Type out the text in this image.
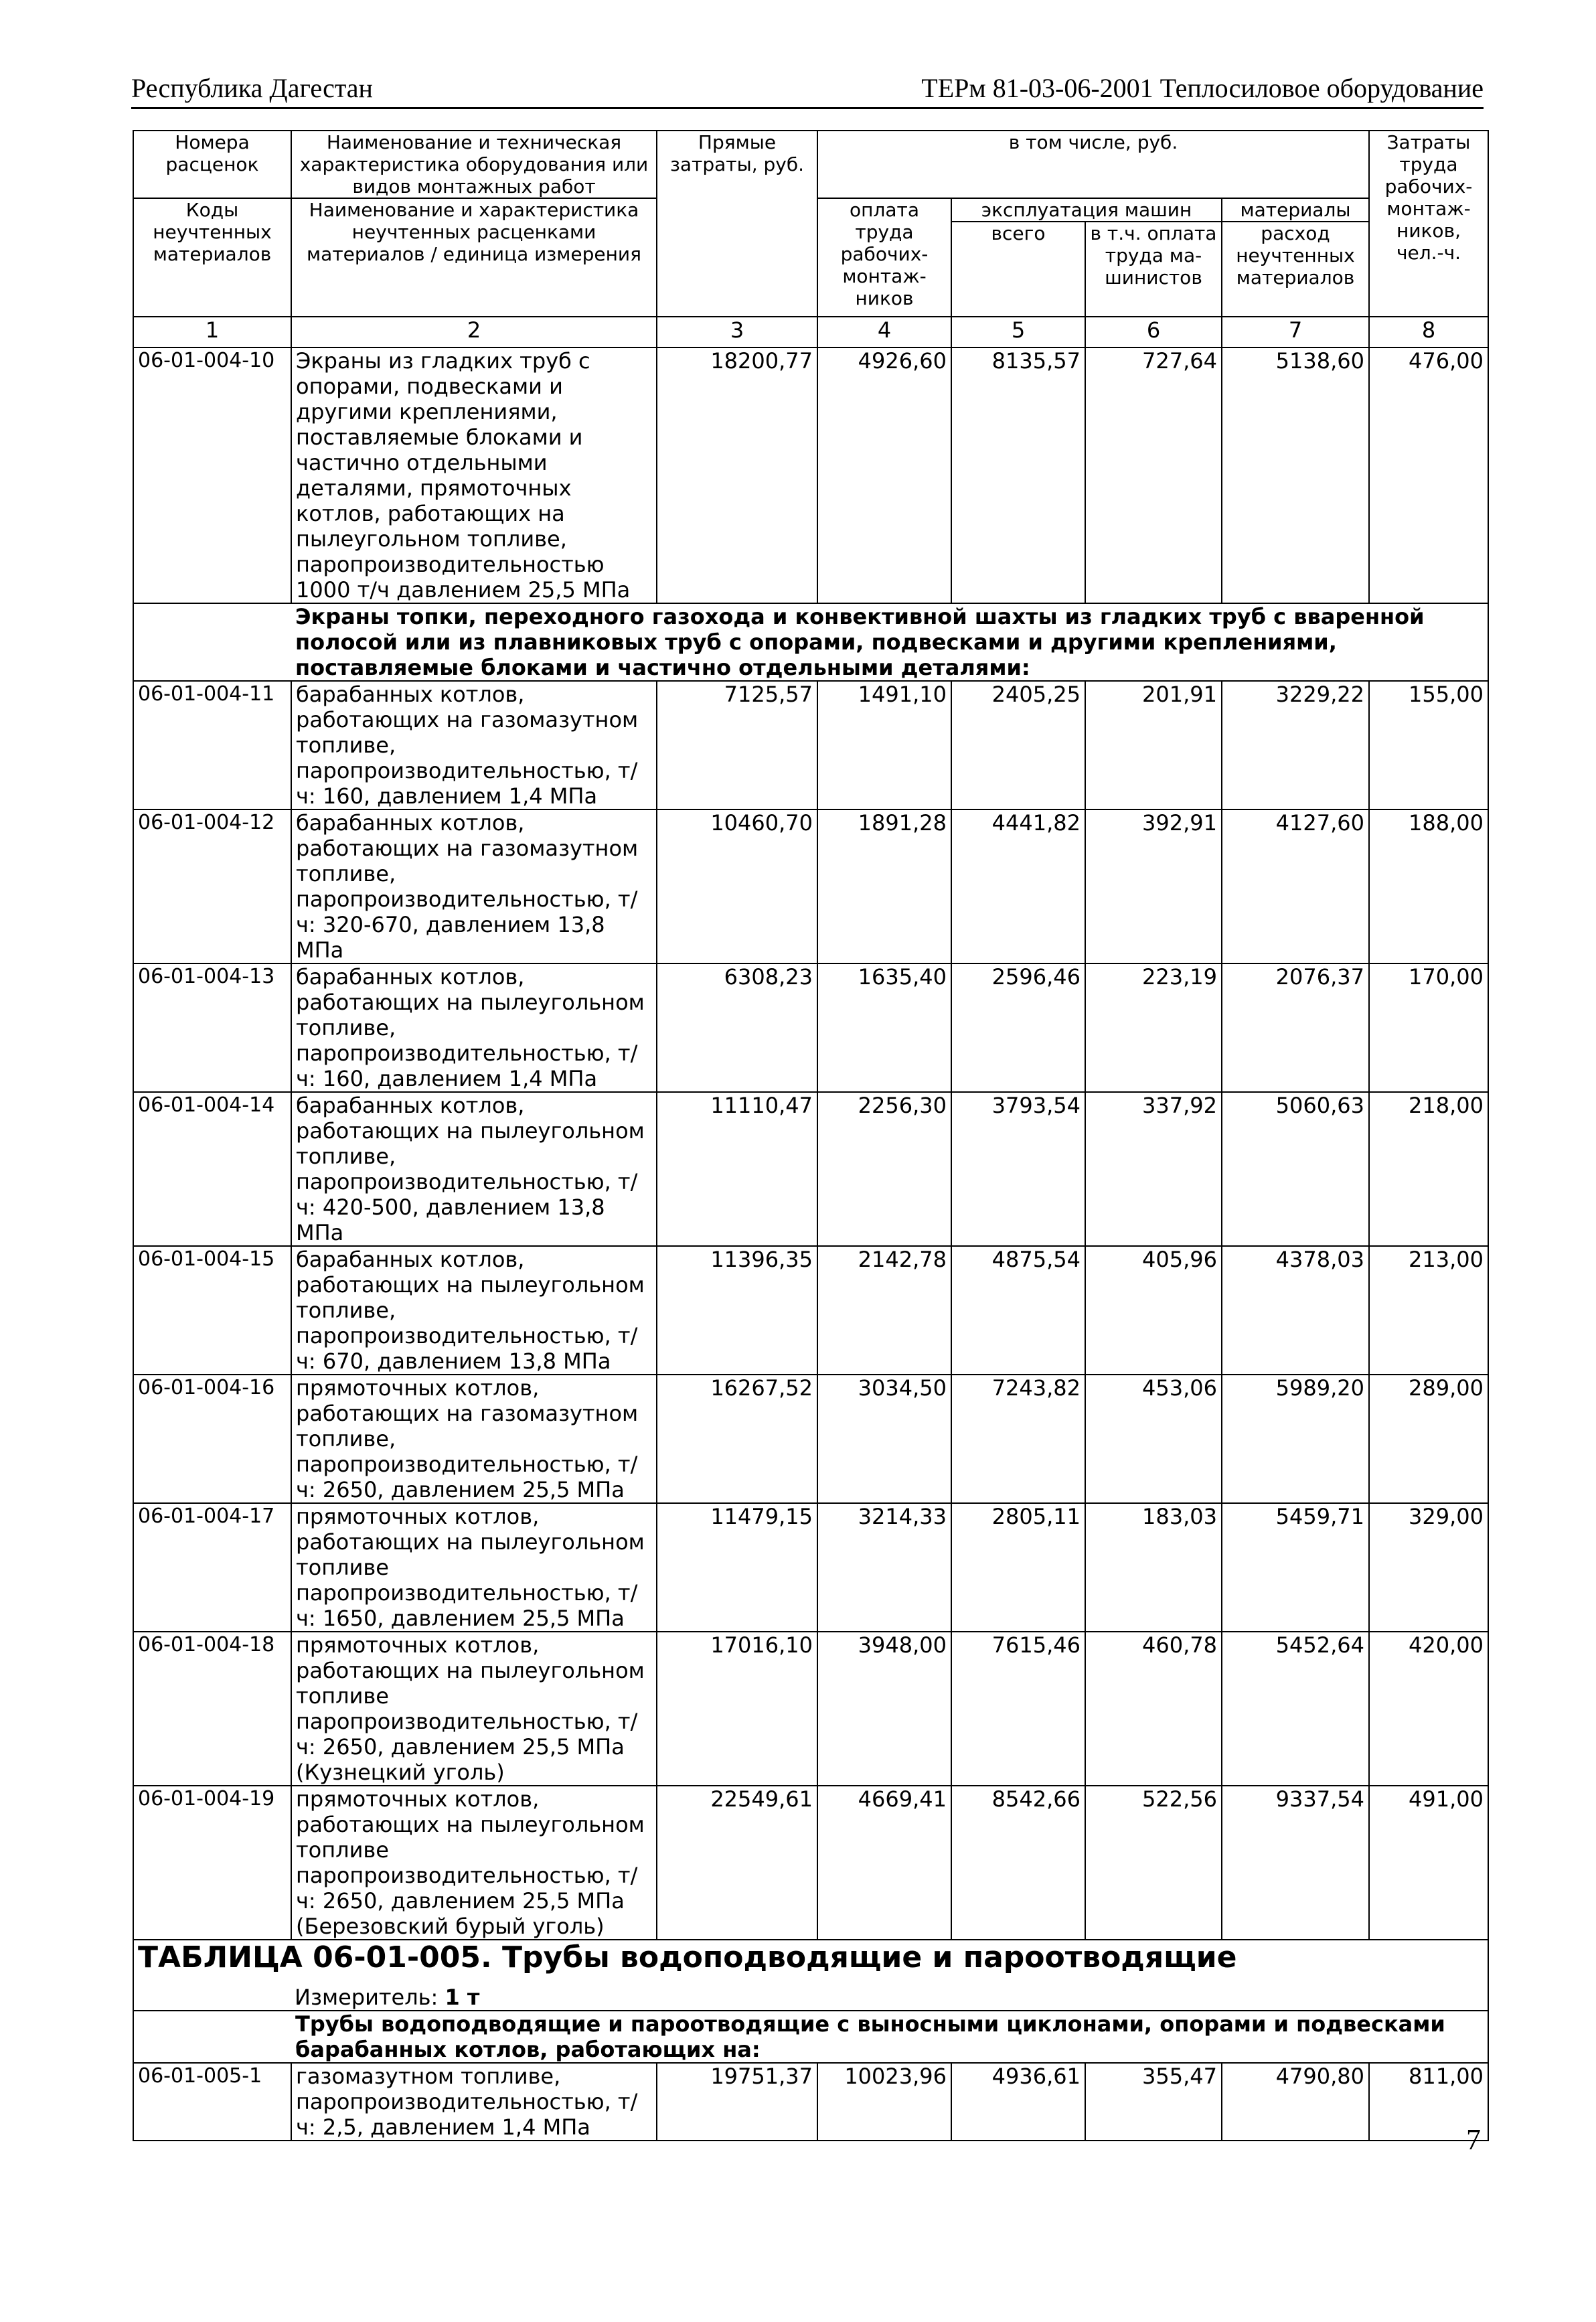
Республика Дагестан	ТЕРм 81-03-06-2001 Теплосиловое оборудование
Номера расценок	Наименование и техническая характеристика оборудования или видов монтажных работ	Прямые затраты, руб.	в том числе, руб.				Затраты труда рабочих-монтаж-ников, чел.-ч.
Коды неучтенных материалов	Наименование и характеристика неучтенных расценками материалов / единица измерения		оплата труда рабочих-монтаж-ников	эксплуатация машин		материалы	
				всего	в т.ч. оплата труда ма-шинистов	расход неучтенных материалов	
1	2	3	4	5	6	7	8
06-01-004-10	Экраны из гладких труб с опорами, подвесками и другими креплениями, поставляемые блоками и частично отдельными деталями, прямоточных котлов, работающих на пылеугольном топливе, паропроизводительностью 1000 т/ч давлением 25,5 МПа	18200,77	4926,60	8135,57	727,64	5138,60	476,00
	Экраны топки, переходного газохода и конвективной шахты из гладких труб с вваренной полосой или из плавниковых труб с опорами, подвесками и другими креплениями, поставляемые блоками и частично отдельными деталями:						
06-01-004-11	барабанных котлов, работающих на газомазутном топливе, паропроизводительностью, т/ч: 160, давлением 1,4 МПа	7125,57	1491,10	2405,25	201,91	3229,22	155,00
06-01-004-12	барабанных котлов, работающих на газомазутном топливе, паропроизводительностью, т/ч: 320-670, давлением 13,8 МПа	10460,70	1891,28	4441,82	392,91	4127,60	188,00
06-01-004-13	барабанных котлов, работающих на пылеугольном топливе, паропроизводительностью, т/ч: 160, давлением 1,4 МПа	6308,23	1635,40	2596,46	223,19	2076,37	170,00
06-01-004-14	барабанных котлов, работающих на пылеугольном топливе, паропроизводительностью, т/ч: 420-500, давлением 13,8 МПа	11110,47	2256,30	3793,54	337,92	5060,63	218,00
06-01-004-15	барабанных котлов, работающих на пылеугольном топливе, паропроизводительностью, т/ч: 670, давлением 13,8 МПа	11396,35	2142,78	4875,54	405,96	4378,03	213,00
06-01-004-16	прямоточных котлов, работающих на газомазутном топливе, паропроизводительностью, т/ч: 2650, давлением 25,5 МПа	16267,52	3034,50	7243,82	453,06	5989,20	289,00
06-01-004-17	прямоточных котлов, работающих на пылеугольном топливе паропроизводительностью, т/ч: 1650, давлением 25,5 МПа	11479,15	3214,33	2805,11	183,03	5459,71	329,00
06-01-004-18	прямоточных котлов, работающих на пылеугольном топливе паропроизводительностью, т/ч: 2650, давлением 25,5 МПа (Кузнецкий уголь)	17016,10	3948,00	7615,46	460,78	5452,64	420,00
06-01-004-19	прямоточных котлов, работающих на пылеугольном топливе паропроизводительностью, т/ч: 2650, давлением 25,5 МПа (Березовский бурый уголь)	22549,61	4669,41	8542,66	522,56	9337,54	491,00

ТАБЛИЦА 06-01-005. Трубы водоподводящие и пароотводящие
Измеритель: 1 т							

	Трубы водоподводящие и пароотводящие с выносными циклонами, опорами и подвесками барабанных котлов, работающих на:						
06-01-005-1	газомазутном топливе, паропроизводительностью, т/ч: 2,5, давлением 1,4 МПа	19751,37	10023,96	4936,61	355,47	4790,80	811,00
7
